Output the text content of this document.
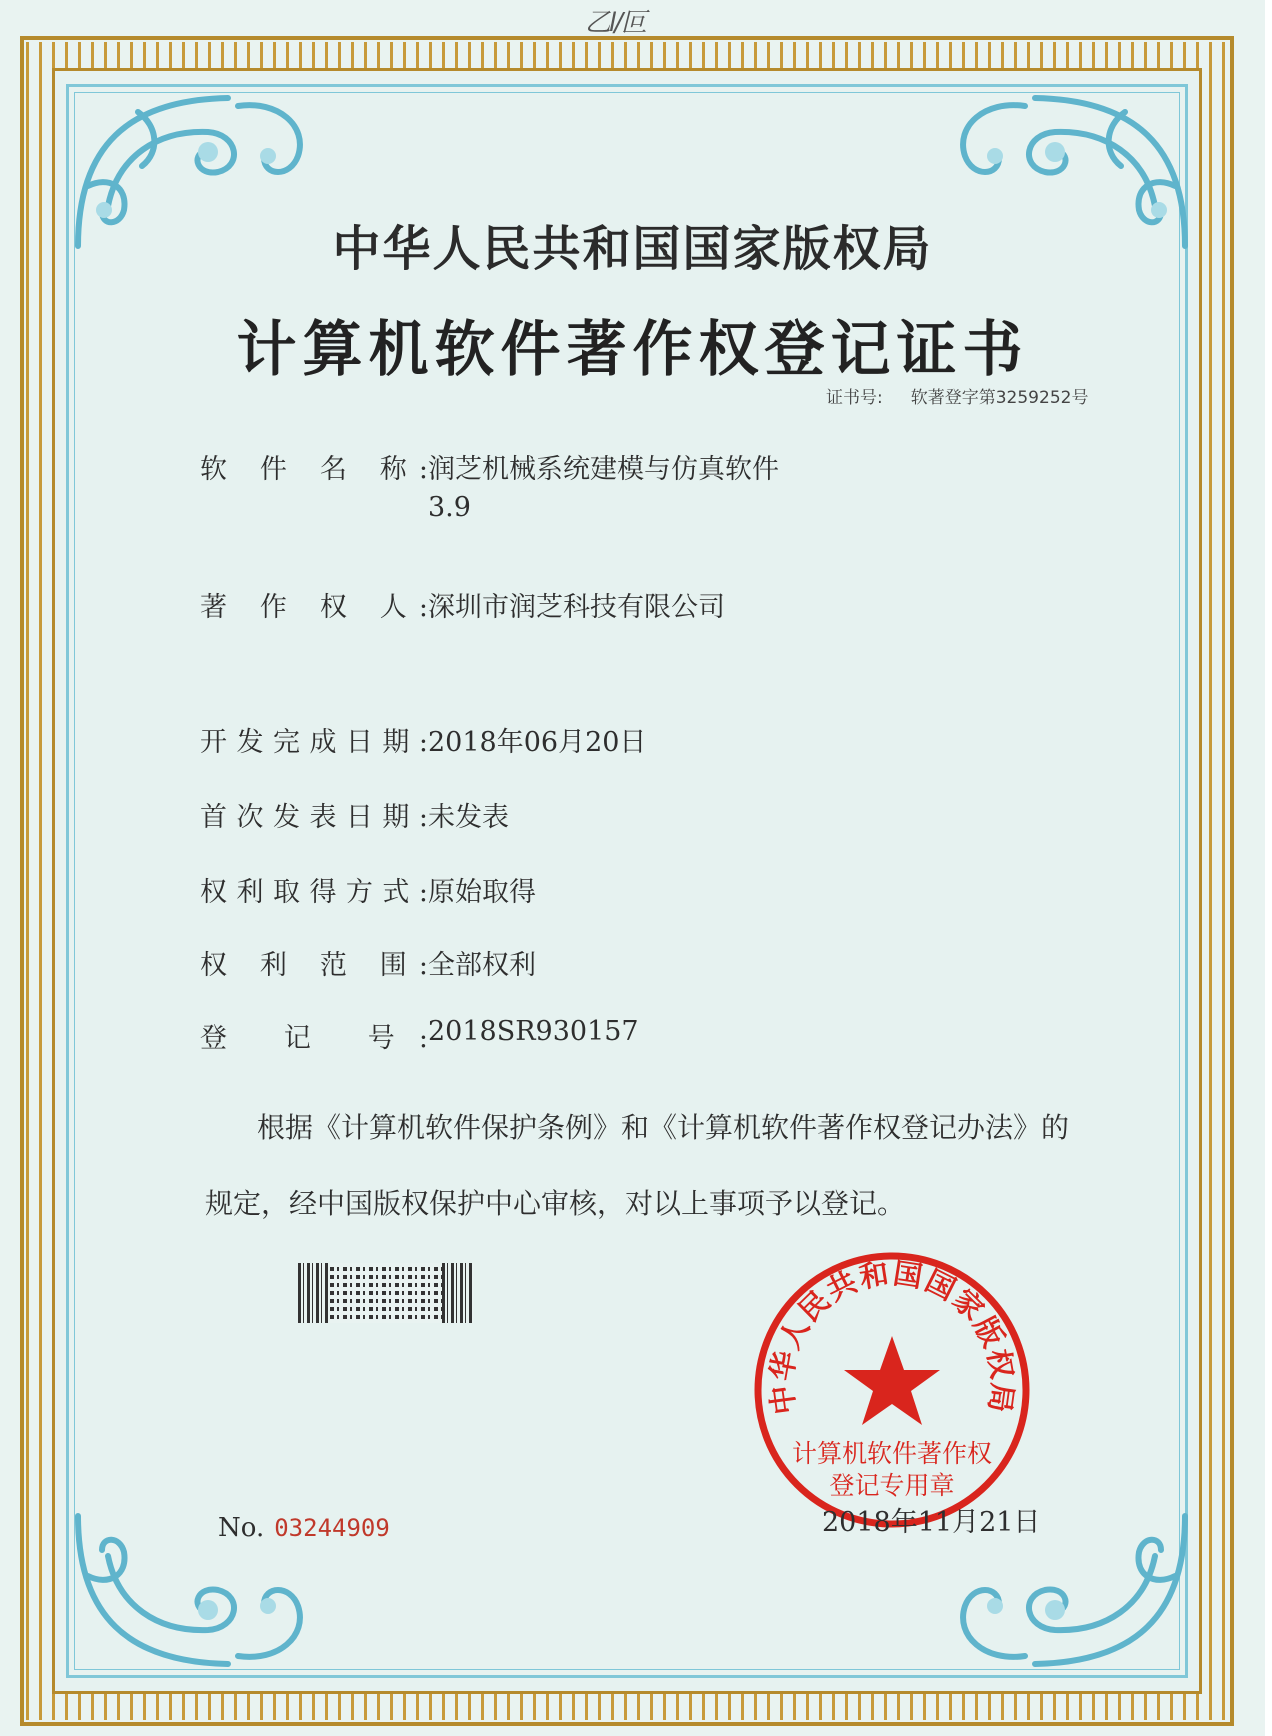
乙l/叵
中华人民共和国国家版权局
计算机软件著作权登记证书
证书号: 软著登字第3259252号
软 件 名 称:润芝机械系统建模与仿真软件
3.9
著 作 权 人:深圳市润芝科技有限公司
开发完成日期:2018年06月20日
首次发表日期:未发表
权利取得方式:原始取得
权 利 范 围:全部权利
登 记 号:2018SR930157
根据《计算机软件保护条例》和《计算机软件著作权登记办法》的
规定，经中国版权保护中心审核，对以上事项予以登记。
中华人民共和国国家版权局
计算机软件著作权
登记专用章
No. 03244909	2018年11月21日
